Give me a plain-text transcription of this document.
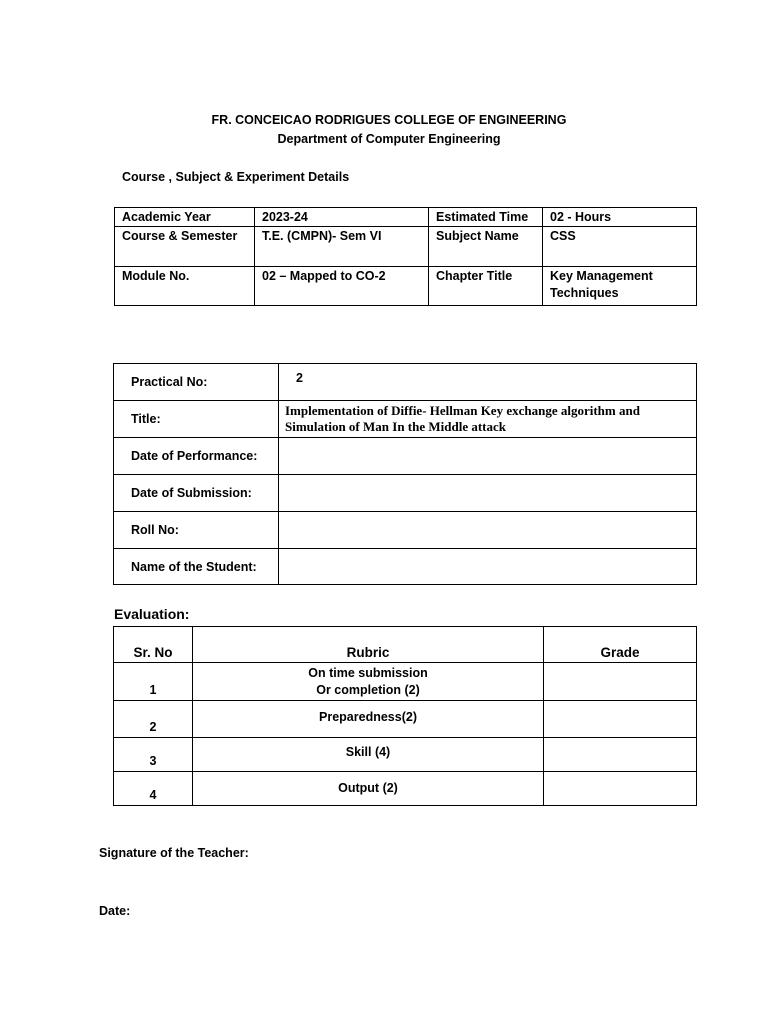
FR. CONCEICAO RODRIGUES COLLEGE OF ENGINEERING
Department of Computer Engineering
Course , Subject & Experiment Details
Academic Year	2023-24	Estimated Time	02 - Hours
Course & Semester	T.E. (CMPN)- Sem VI	Subject Name	CSS
Module No.	02 – Mapped to CO-2	Chapter Title	Key Management Techniques
Practical No:	2
Title:	Implementation of Diffie- Hellman Key exchange algorithm and Simulation of Man In the Middle attack
Date of Performance:	
Date of Submission:	
Roll No:	
Name of the Student:	
Evaluation:
Sr. No	Rubric	Grade
1	On time submission
Or completion (2)	

2	Preparedness(2)	
3	Skill (4)	
4	Output (2)	
Signature of the Teacher:
Date:
